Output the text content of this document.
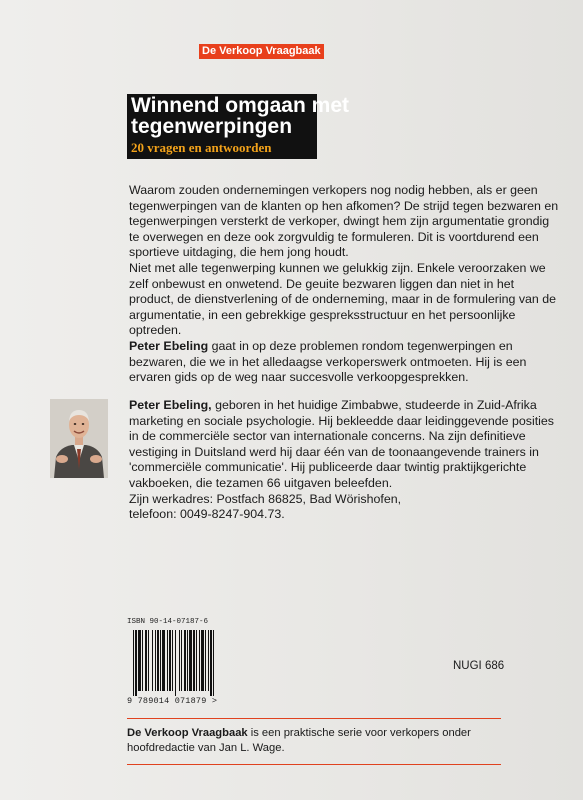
De Verkoop Vraagbaak
Winnend omgaan met
tegenwerpingen
20 vragen en antwoorden

Waarom zouden ondernemingen verkopers nog nodig hebben, als er geen tegenwerpingen van de klanten op hen afkomen? De strijd tegen bezwaren en tegenwerpingen versterkt de verkoper, dwingt hem zijn argumentatie grondig te overwegen en deze ook zorgvuldig te formuleren. Dit is voortdurend een sportieve uitdaging, die hem jong houdt.

Niet met alle tegenwerping kunnen we gelukkig zijn. Enkele veroorzaken we zelf onbewust en onwetend. De geuite bezwaren liggen dan niet in het product, de dienstverlening of de onderneming, maar in de formulering van de argumentatie, in een gebrekkige gespreksstructuur en het persoonlijke optreden.

Peter Ebeling gaat in op deze problemen rondom tegenwerpingen en bezwaren, die we in het alledaagse verkoperswerk ontmoeten. Hij is een ervaren gids op de weg naar succesvolle verkoopgesprekken.

Peter Ebeling, geboren in het huidige Zimbabwe, studeerde in Zuid-Afrika marketing en sociale psychologie. Hij bekleedde daar leidinggevende posities in de commerciële sector van internationale concerns. Na zijn definitieve vestiging in Duitsland werd hij daar één van de toonaangevende trainers in 'commerciële communicatie'. Hij publiceerde daar twintig praktijkgerichte vakboeken, die tezamen 66 uitgaven beleefden.

Zijn werkadres: Postfach 86825, Bad Wörishofen,

telefoon: 0049-8247-904.73.

ISBN 90-14-07187-6
9 789014 071879 >
NUGI 686
De Verkoop Vraagbaak is een praktische serie voor verkopers onder hoofdredactie van Jan L. Wage.
